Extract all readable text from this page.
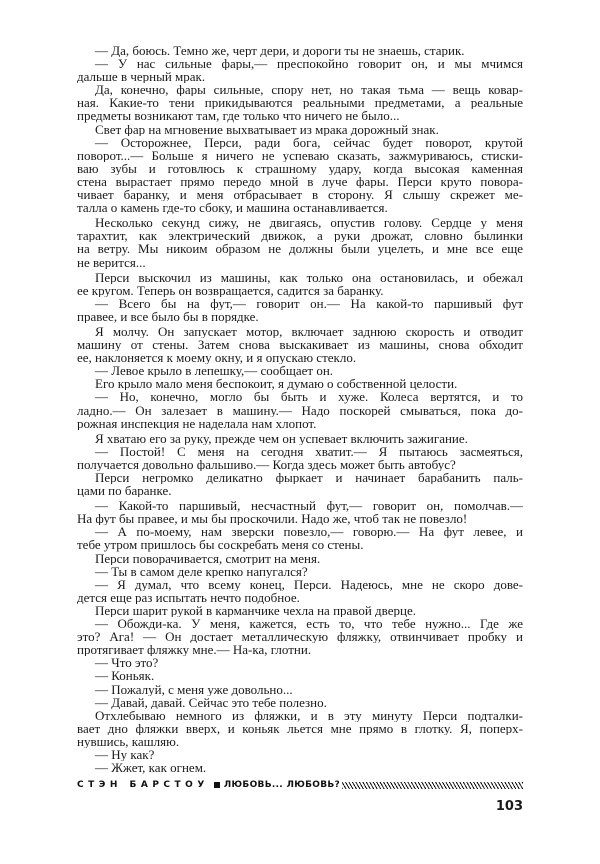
— Да, боюсь. Темно же, черт дери, и дороги ты не знаешь, старик.

— У нас сильные фары,— преспокойно говорит он, и мы мчимся
дальше в черный мрак.

Да, конечно, фары сильные, спору нет, но такая тьма — вещь ковар-
ная. Какие-то тени прикидываются реальными предметами, а реальные
предметы возникают там, где только что ничего не было...

Свет фар на мгновение выхватывает из мрака дорожный знак.

— Осторожнее, Перси, ради бога, сейчас будет поворот, крутой
поворот...— Больше я ничего не успеваю сказать, зажмуриваюсь, стиски-
ваю зубы и готовлюсь к страшному удару, когда высокая каменная
стена вырастает прямо передо мной в луче фары. Перси круто повора-
чивает баранку, и меня отбрасывает в сторону. Я слышу скрежет ме-
талла о камень где-то сбоку, и машина останавливается.

Несколько секунд сижу, не двигаясь, опустив голову. Сердце у меня
тарахтит, как электрический движок, а руки дрожат, словно былинки
на ветру. Мы никоим образом не должны были уцелеть, и мне все еще
не верится...

Перси выскочил из машины, как только она остановилась, и обежал
ее кругом. Теперь он возвращается, садится за баранку.

— Всего бы на фут,— говорит он.— На какой-то паршивый фут
правее, и все было бы в порядке.

Я молчу. Он запускает мотор, включает заднюю скорость и отводит
машину от стены. Затем снова выскакивает из машины, снова обходит
ее, наклоняется к моему окну, и я опускаю стекло.

— Левое крыло в лепешку,— сообщает он.

Его крыло мало меня беспокоит, я думаю о собственной целости.

— Но, конечно, могло бы быть и хуже. Колеса вертятся, и то
ладно.— Он залезает в машину.— Надо поскорей смываться, пока до-
рожная инспекция не наделала нам хлопот.

Я хватаю его за руку, прежде чем он успевает включить зажигание.

— Постой! С меня на сегодня хватит.— Я пытаюсь засмеяться,
получается довольно фальшиво.— Когда здесь может быть автобус?

Перси негромко деликатно фыркает и начинает барабанить паль-
цами по баранке.

— Какой-то паршивый, несчастный фут,— говорит он, помолчав.—
На фут бы правее, и мы бы проскочили. Надо же, чтоб так не повезло!

— А по-моему, нам зверски повезло,— говорю.— На фут левее, и
тебе утром пришлось бы соскребать меня со стены.

Перси поворачивается, смотрит на меня.

— Ты в самом деле крепко напугался?

— Я думал, что всему конец, Перси. Надеюсь, мне не скоро дове-
дется еще раз испытать нечто подобное.

Перси шарит рукой в карманчике чехла на правой дверце.

— Обожди-ка. У меня, кажется, есть то, что тебе нужно... Где же
это? Ага! — Он достает металлическую фляжку, отвинчивает пробку и
протягивает фляжку мне.— На-ка, глотни.

— Что это?

— Коньяк.

— Пожалуй, с меня уже довольно...

— Давай, давай. Сейчас это тебе полезно.

Отхлебываю немного из фляжки, и в эту минуту Перси подталки-
вает дно фляжки вверх, и коньяк льется мне прямо в глотку. Я, поперх-
нувшись, кашляю.

— Ну как?

— Жжет, как огнем.

СТЭН БАРСТОУ ЛЮБОВЬ... ЛЮБОВЬ?
103
